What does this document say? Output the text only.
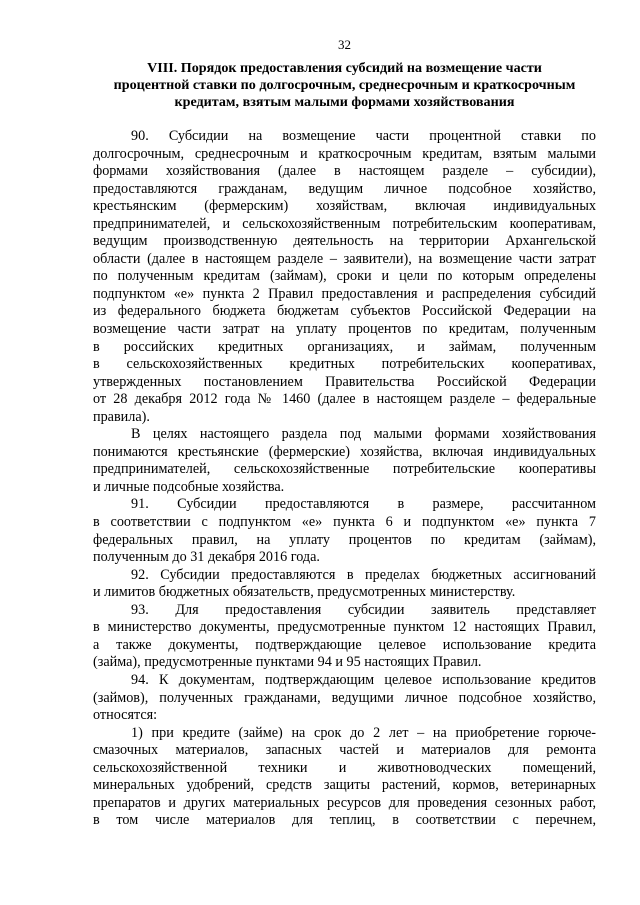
32
VIII. Порядок предоставления субсидий на возмещение части
процентной ставки по долгосрочным, среднесрочным и краткосрочным
кредитам, взятым малыми формами хозяйствования

90. Субсидии на возмещение части процентной ставки по
долгосрочным, среднесрочным и краткосрочным кредитам, взятым малыми
формами хозяйствования (далее в настоящем разделе – субсидии),
предоставляются гражданам, ведущим личное подсобное хозяйство,
крестьянским (фермерским) хозяйствам, включая индивидуальных
предпринимателей, и сельскохозяйственным потребительским кооперативам,
ведущим производственную деятельность на территории Архангельской
области (далее в настоящем разделе – заявители), на возмещение части затрат
по полученным кредитам (займам), сроки и цели по которым определены
подпунктом «е» пункта 2 Правил предоставления и распределения субсидий
из федерального бюджета бюджетам субъектов Российской Федерации на
возмещение части затрат на уплату процентов по кредитам, полученным
в российских кредитных организациях, и займам, полученным
в сельскохозяйственных кредитных потребительских кооперативах,
утвержденных постановлением Правительства Российской Федерации
от 28 декабря 2012 года № 1460 (далее в настоящем разделе – федеральные
правила).

В целях настоящего раздела под малыми формами хозяйствования
понимаются крестьянские (фермерские) хозяйства, включая индивидуальных
предпринимателей, сельскохозяйственные потребительские кооперативы
и личные подсобные хозяйства.

91. Субсидии предоставляются в размере, рассчитанном
в соответствии с подпунктом «е» пункта 6 и подпунктом «е» пункта 7
федеральных правил, на уплату процентов по кредитам (займам),
полученным до 31 декабря 2016 года.

92. Субсидии предоставляются в пределах бюджетных ассигнований
и лимитов бюджетных обязательств, предусмотренных министерству.

93. Для предоставления субсидии заявитель представляет
в министерство документы, предусмотренные пунктом 12 настоящих Правил,
а также документы, подтверждающие целевое использование кредита
(займа), предусмотренные пунктами 94 и 95 настоящих Правил.

94. К документам, подтверждающим целевое использование кредитов
(займов), полученных гражданами, ведущими личное подсобное хозяйство,
относятся:

1) при кредите (займе) на срок до 2 лет – на приобретение горюче-
смазочных материалов, запасных частей и материалов для ремонта
сельскохозяйственной техники и животноводческих помещений,
минеральных удобрений, средств защиты растений, кормов, ветеринарных
препаратов и других материальных ресурсов для проведения сезонных работ,
в том числе материалов для теплиц, в соответствии с перечнем,
